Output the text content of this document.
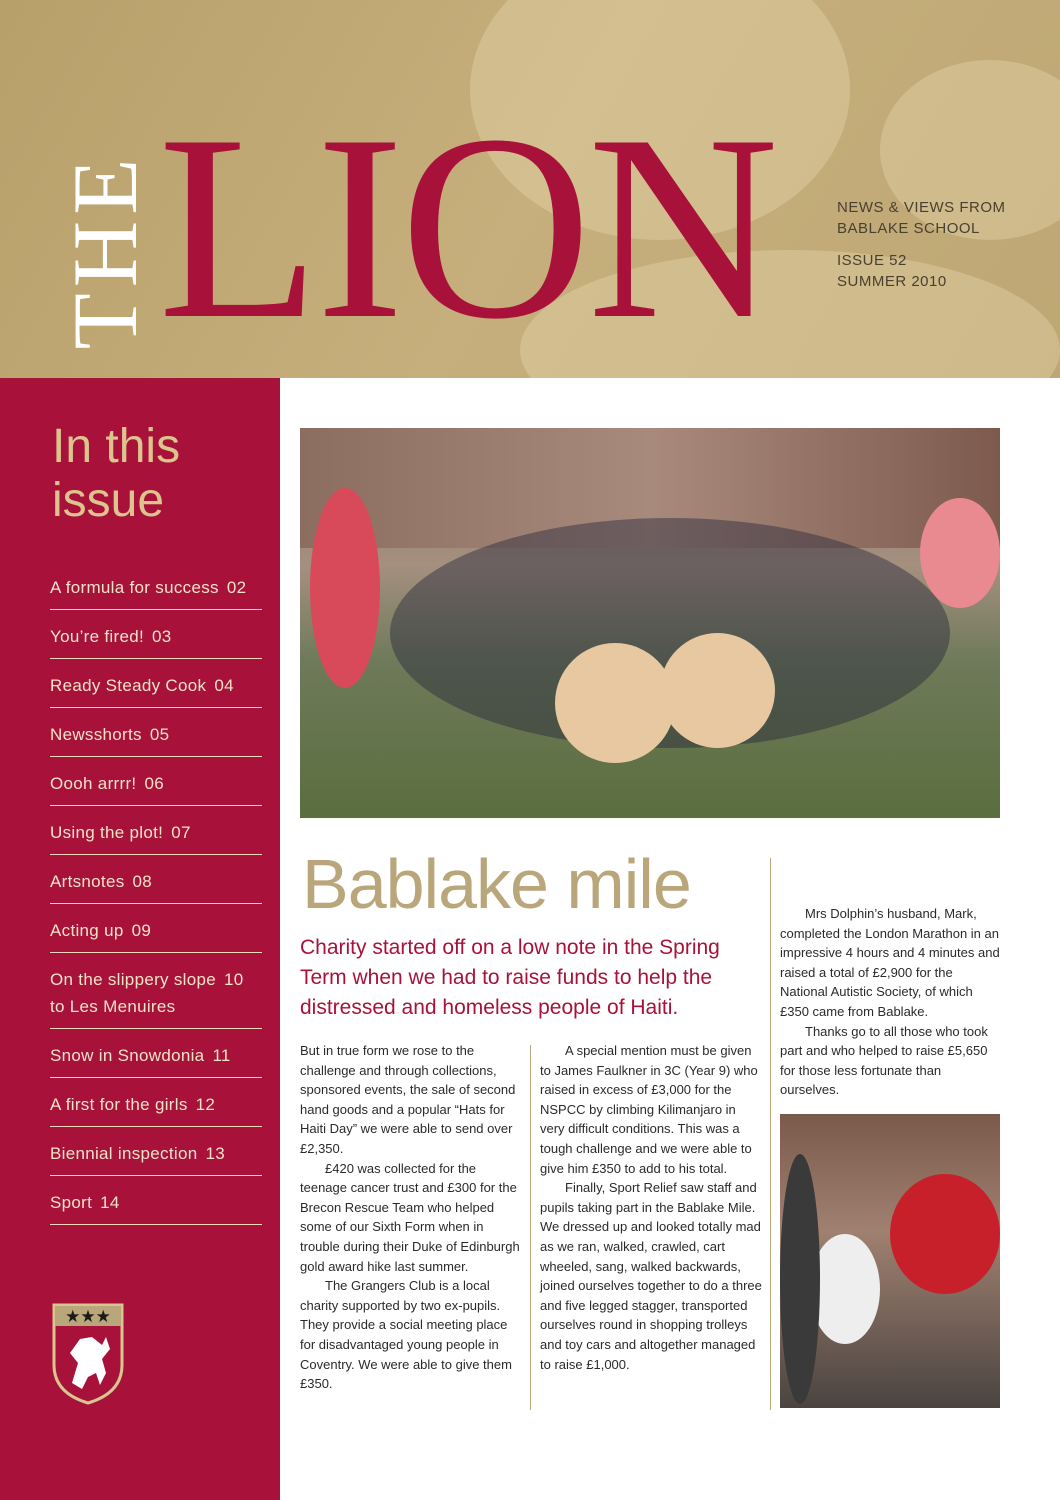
THE LION	NEWS & VIEWS FROM
BABLAKE SCHOOL
ISSUE 52
SUMMER 2010
In this
issue
A formula for success 02
You’re fired! 03
Ready Steady Cook 04
Newsshorts 05
Oooh arrrr! 06
Using the plot! 07
Artsnotes 08
Acting up 09
On the slippery slope 10
to Les Menuires
Snow in Snowdonia 11
A first for the girls 12
Biennial inspection 13
Sport 14
★★★
Bablake mile
Charity started off on a low note in the Spring Term when we had to raise funds to help the distressed and homeless people of Haiti.

But in true form we rose to the challenge and through collections, sponsored events, the sale of second hand goods and a popular “Hats for Haiti Day” we were able to send over £2,350.

£420 was collected for the teenage cancer trust and £300 for the Brecon Rescue Team who helped some of our Sixth Form when in trouble during their Duke of Edinburgh gold award hike last summer.

The Grangers Club is a local charity supported by two ex-pupils. They provide a social meeting place for disadvantaged young people in Coventry. We were able to give them £350.

A special mention must be given to James Faulkner in 3C (Year 9) who raised in excess of £3,000 for the NSPCC by climbing Kilimanjaro in very difficult conditions. This was a tough challenge and we were able to give him £350 to add to his total.

Finally, Sport Relief saw staff and pupils taking part in the Bablake Mile. We dressed up and looked totally mad as we ran, walked, crawled, cart wheeled, sang, walked backwards, joined ourselves together to do a three and five legged stagger, transported ourselves round in shopping trolleys and toy cars and altogether managed to raise £1,000.

Mrs Dolphin’s husband, Mark, completed the London Marathon in an impressive 4 hours and 4 minutes and raised a total of £2,900 for the National Autistic Society, of which £350 came from Bablake.

Thanks go to all those who took part and who helped to raise £5,650 for those less fortunate than ourselves.
